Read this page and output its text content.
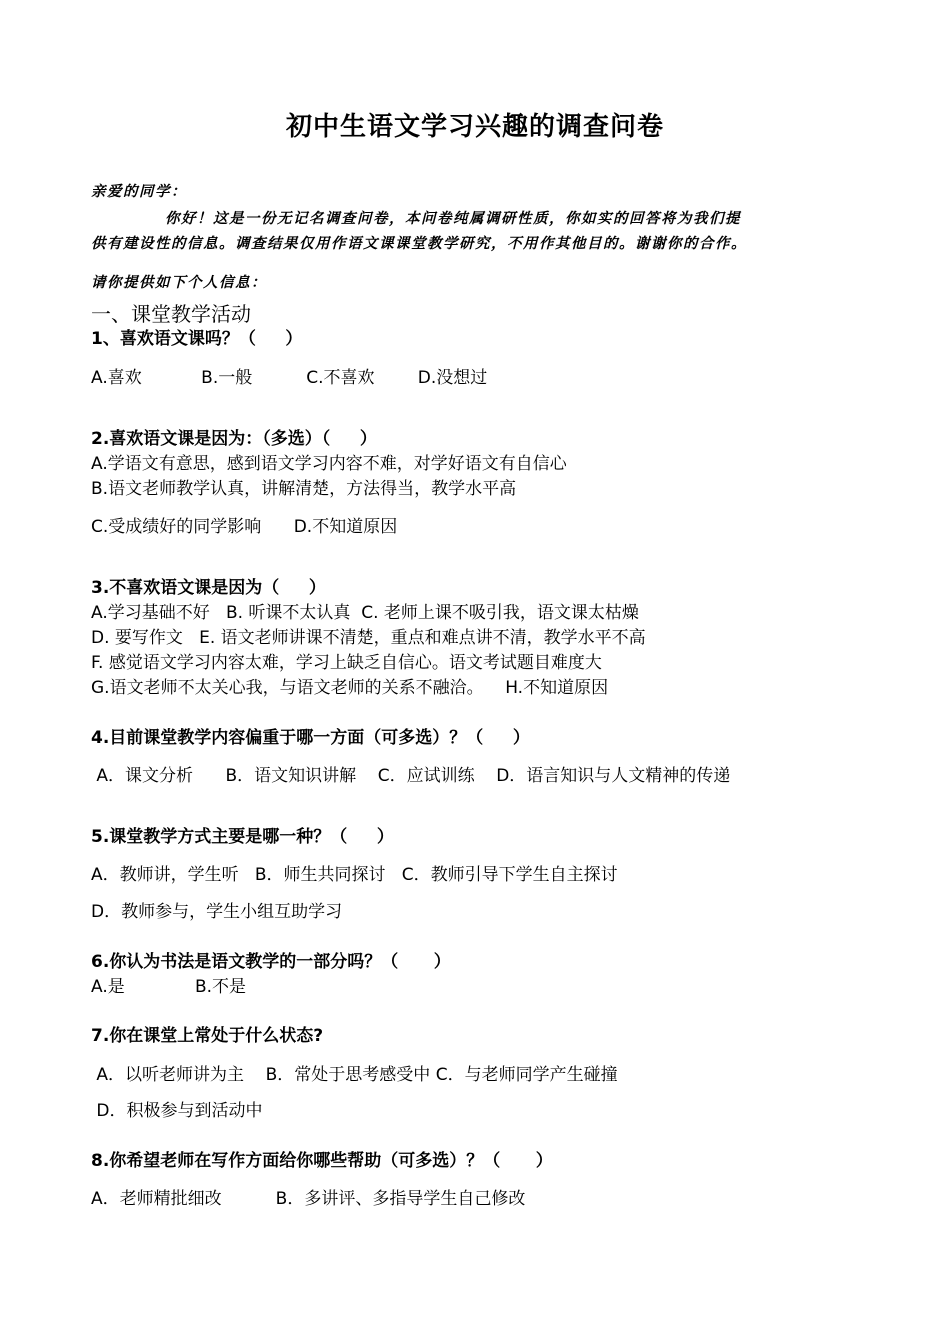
初中生语文学习兴趣的调查问卷
亲爱的同学：
你好！这是一份无记名调查问卷，本问卷纯属调研性质，你如实的回答将为我们提
供有建设性的信息。调查结果仅用作语文课课堂教学研究，不用作其他目的。谢谢你的合作。
请你提供如下个人信息：
一、课堂教学活动
1、喜欢语文课吗？（     ）
A.喜欢           B.一般          C.不喜欢        D.没想过
2.喜欢语文课是因为：（多选）（     ）
A.学语文有意思，感到语文学习内容不难，对学好语文有自信心
B.语文老师教学认真，讲解清楚，方法得当，教学水平高
C.受成绩好的同学影响      D.不知道原因
3.不喜欢语文课是因为（     ）
A.学习基础不好   B. 听课不太认真  C. 老师上课不吸引我，语文课太枯燥
D. 要写作文   E. 语文老师讲课不清楚，重点和难点讲不清，教学水平不高
F. 感觉语文学习内容太难，学习上缺乏自信心。语文考试题目难度大
G.语文老师不太关心我，与语文老师的关系不融洽。    H.不知道原因
4.目前课堂教学内容偏重于哪一方面（可多选）？（     ）
A．课文分析      B．语文知识讲解    C．应试训练    D．语言知识与人文精神的传递
5.课堂教学方式主要是哪一种？（     ）
A．教师讲，学生听   B．师生共同探讨   C．教师引导下学生自主探讨
D．教师参与，学生小组互助学习
6.你认为书法是语文教学的一部分吗？（      ）
A.是             B.不是
7.你在课堂上常处于什么状态?
A．以听老师讲为主    B．常处于思考感受中 C．与老师同学产生碰撞
D．积极参与到活动中
8.你希望老师在写作方面给你哪些帮助（可多选）？（      ）
A．老师精批细改          B．多讲评、多指导学生自己修改
